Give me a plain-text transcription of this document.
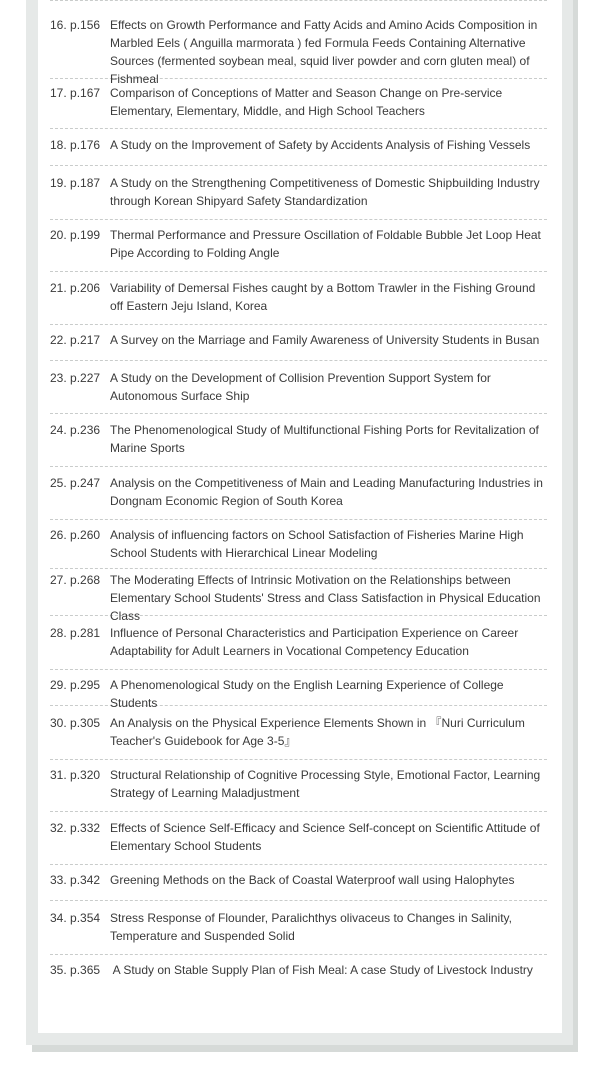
16. p.156 Effects on Growth Performance and Fatty Acids and Amino Acids Composition in Marbled Eels ( Anguilla marmorata ) fed Formula Feeds Containing Alternative Sources (fermented soybean meal, squid liver powder and corn gluten meal) of Fishmeal
17. p.167 Comparison of Conceptions of Matter and Season Change on Pre-service Elementary, Elementary, Middle, and High School Teachers
18. p.176 A Study on the Improvement of Safety by Accidents Analysis of Fishing Vessels
19. p.187 A Study on the Strengthening Competitiveness of Domestic Shipbuilding Industry through Korean Shipyard Safety Standardization
20. p.199 Thermal Performance and Pressure Oscillation of Foldable Bubble Jet Loop Heat Pipe According to Folding Angle
21. p.206 Variability of Demersal Fishes caught by a Bottom Trawler in the Fishing Ground off Eastern Jeju Island, Korea
22. p.217 A Survey on the Marriage and Family Awareness of University Students in Busan
23. p.227 A Study on the Development of Collision Prevention Support System for Autonomous Surface Ship
24. p.236 The Phenomenological Study of Multifunctional Fishing Ports for Revitalization of Marine Sports
25. p.247 Analysis on the Competitiveness of Main and Leading Manufacturing Industries in Dongnam Economic Region of South Korea
26. p.260 Analysis of influencing factors on School Satisfaction of Fisheries Marine High School Students with Hierarchical Linear Modeling
27. p.268 The Moderating Effects of Intrinsic Motivation on the Relationships between Elementary School Students' Stress and Class Satisfaction in Physical Education Class
28. p.281 Influence of Personal Characteristics and Participation Experience on Career Adaptability for Adult Learners in Vocational Competency Education
29. p.295 A Phenomenological Study on the English Learning Experience of College Students
30. p.305 An Analysis on the Physical Experience Elements Shown in 『Nuri Curriculum Teacher's Guidebook for Age 3-5』
31. p.320 Structural Relationship of Cognitive Processing Style, Emotional Factor, Learning Strategy of Learning Maladjustment
32. p.332 Effects of Science Self-Efficacy and Science Self-concept on Scientific Attitude of Elementary School Students
33. p.342 Greening Methods on the Back of Coastal Waterproof wall using Halophytes
34. p.354 Stress Response of Flounder, Paralichthys olivaceus to Changes in Salinity, Temperature and Suspended Solid
35. p.365 A Study on Stable Supply Plan of Fish Meal: A case Study of Livestock Industry
